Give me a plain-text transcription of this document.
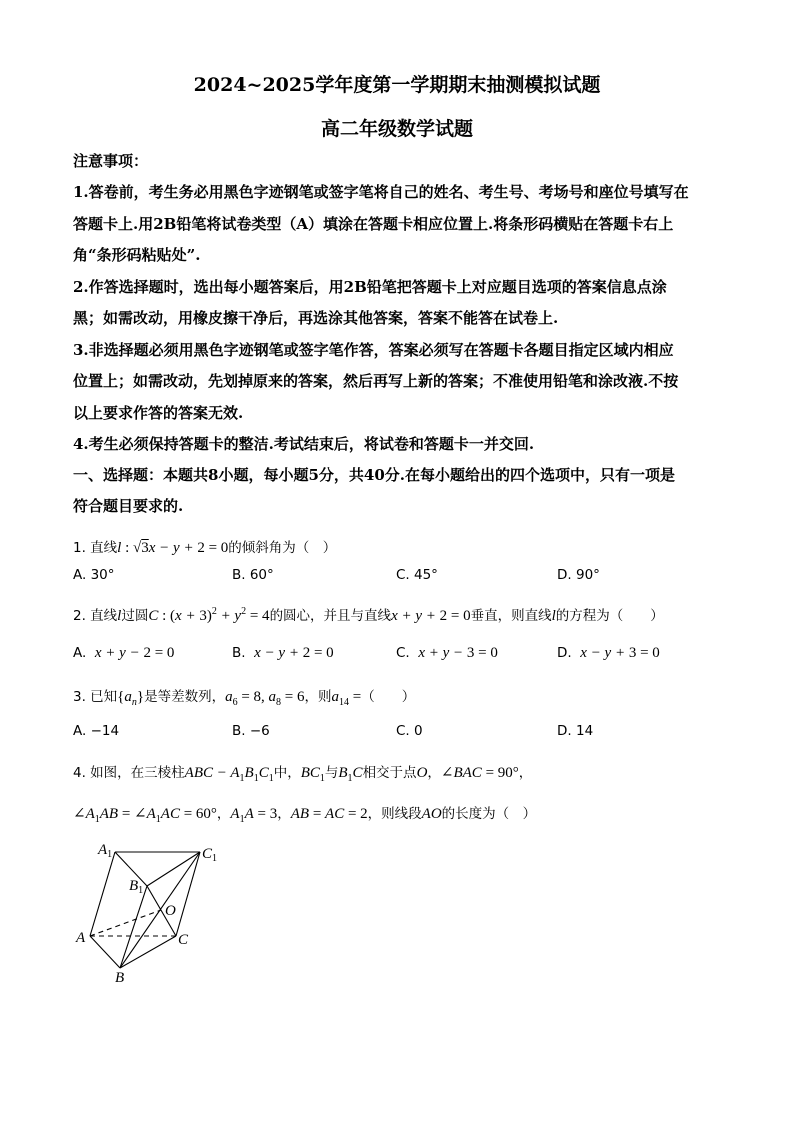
2024~2025学年度第一学期期末抽测模拟试题
高二年级数学试题
注意事项：
1.答卷前，考生务必用黑色字迹钢笔或签字笔将自己的姓名、考生号、考场号和座位号填写在
答题卡上.用2B铅笔将试卷类型（A）填涂在答题卡相应位置上.将条形码横贴在答题卡右上
角“条形码粘贴处”.
2.作答选择题时，选出每小题答案后，用2B铅笔把答题卡上对应题目选项的答案信息点涂
黑；如需改动，用橡皮擦干净后，再选涂其他答案，答案不能答在试卷上.
3.非选择题必须用黑色字迹钢笔或签字笔作答，答案必须写在答题卡各题目指定区域内相应
位置上；如需改动，先划掉原来的答案，然后再写上新的答案；不准使用铅笔和涂改液.不按
以上要求作答的答案无效.
4.考生必须保持答题卡的整洁.考试结束后，将试卷和答题卡一并交回.
一、选择题：本题共8小题，每小题5分，共40分.在每小题给出的四个选项中，只有一项是
符合题目要求的.
1. 直线l : √3x − y + 2 = 0的倾斜角为（　）
A. 30°	B. 60°	C. 45°	D. 90°
2. 直线l过圆C : $(x + 3)^2 + y^2 = 4$的圆心，并且与直线x + y + 2 = 0垂直，则直线l的方程为（　　）
A. x + y − 2 = 0	B. x − y + 2 = 0	C. x + y − 3 = 0	D. x − y + 3 = 0
3. 已知$\{a_n\}$是等差数列，$a_6 = 8$, $a_8 = 6$，则$a_{14}$ =（　　）
A. −14	B. −6	C. 0	D. 14
4. 如图，在三棱柱ABC − $A_1B_1C_1$中，$BC_1$与$B_1C$相交于点O，∠BAC = 90°，
$\angle A_1AB$ = $\angle A_1AC = 60^\circ$，$A_1A = 3$，AB = AC = 2，则线段AO的长度为（　）
$A_1$	$C_1$
$B_1$
O
A	C
B
